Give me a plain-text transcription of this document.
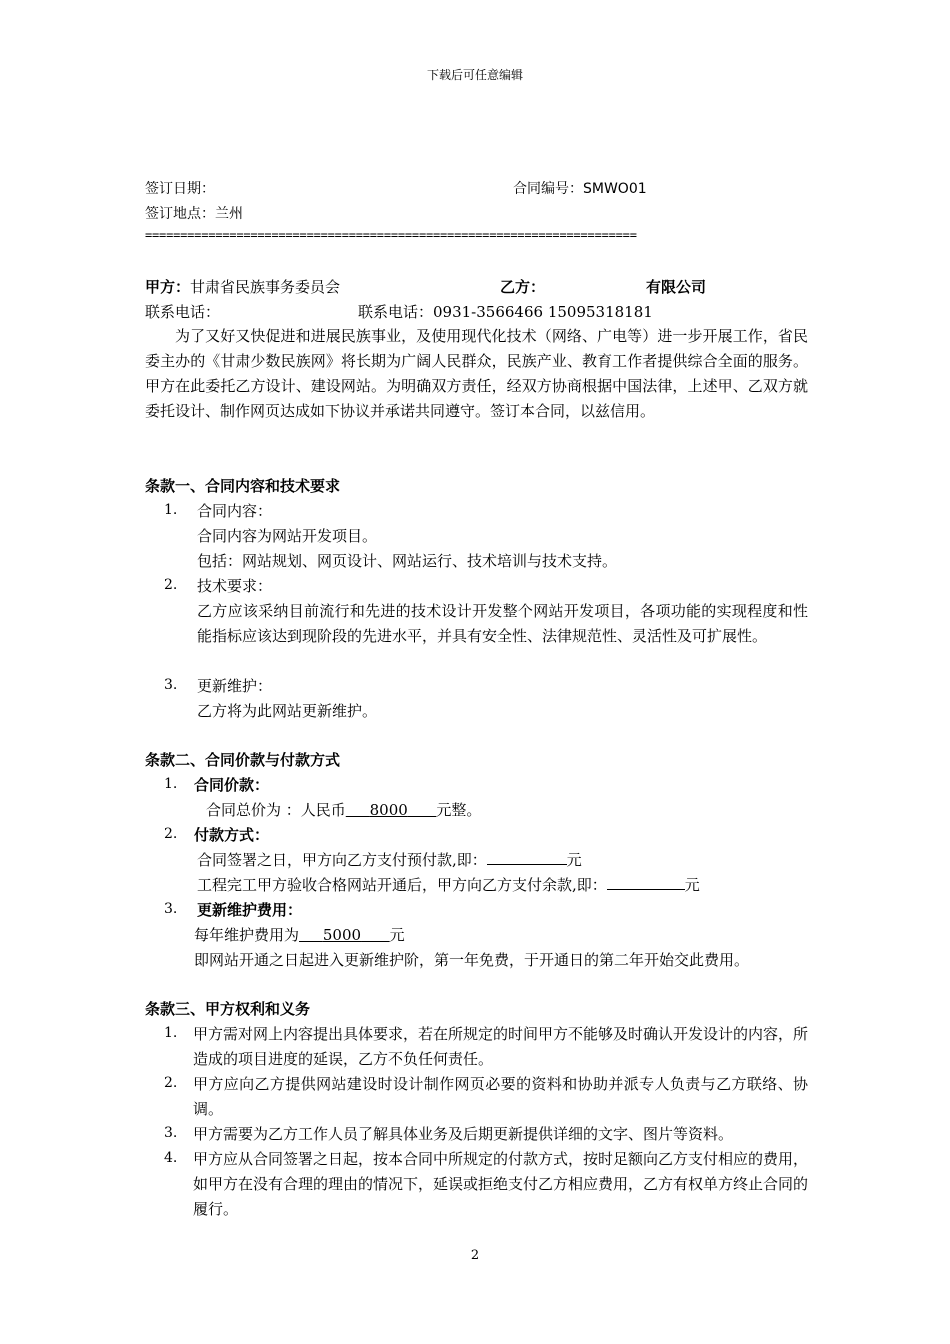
下载后可任意编辑
签订日期：	合同编号：SMWO01
签订地点：兰州
======================================================================
甲方：甘肃省民族事务委员会	乙方：	有限公司
联系电话：	联系电话：0931-3566466 15095318181
为了又好又快促进和进展民族事业，及使用现代化技术（网络、广电等）进一步开展工作，省民委主办的《甘肃少数民族网》将长期为广阔人民群众，民族产业、教育工作者提供综合全面的服务。甲方在此委托乙方设计、建设网站。为明确双方责任，经双方协商根据中国法律，上述甲、乙双方就委托设计、制作网页达成如下协议并承诺共同遵守。签订本合同，以兹信用。
条款一、合同内容和技术要求
1. 合同内容：
合同内容为网站开发项目。
包括：网站规划、网页设计、网站运行、技术培训与技术支持。
2. 技术要求：
乙方应该采纳目前流行和先进的技术设计开发整个网站开发项目，各项功能的实现程度和性能指标应该达到现阶段的先进水平，并具有安全性、法律规范性、灵活性及可扩展性。
3. 更新维护：
乙方将为此网站更新维护。
条款二、合同价款与付款方式
1. 合同价款：
合同总价为 ：人民币 8000 元整。
2. 付款方式：
合同签署之日，甲方向乙方支付预付款,即：	元
工程完工甲方验收合格网站开通后，甲方向乙方支付余款,即：	元
3. 更新维护费用：
每年维护费用为 5000 元
即网站开通之日起进入更新维护阶，第一年免费，于开通日的第二年开始交此费用。
条款三、甲方权利和义务
1. 甲方需对网上内容提出具体要求，若在所规定的时间甲方不能够及时确认开发设计的内容，所造成的项目进度的延误，乙方不负任何责任。
2. 甲方应向乙方提供网站建设时设计制作网页必要的资料和协助并派专人负责与乙方联络、协调。
3. 甲方需要为乙方工作人员了解具体业务及后期更新提供详细的文字、图片等资料。
4. 甲方应从合同签署之日起，按本合同中所规定的付款方式，按时足额向乙方支付相应的费用，如甲方在没有合理的理由的情况下，延误或拒绝支付乙方相应费用，乙方有权单方终止合同的履行。
2
